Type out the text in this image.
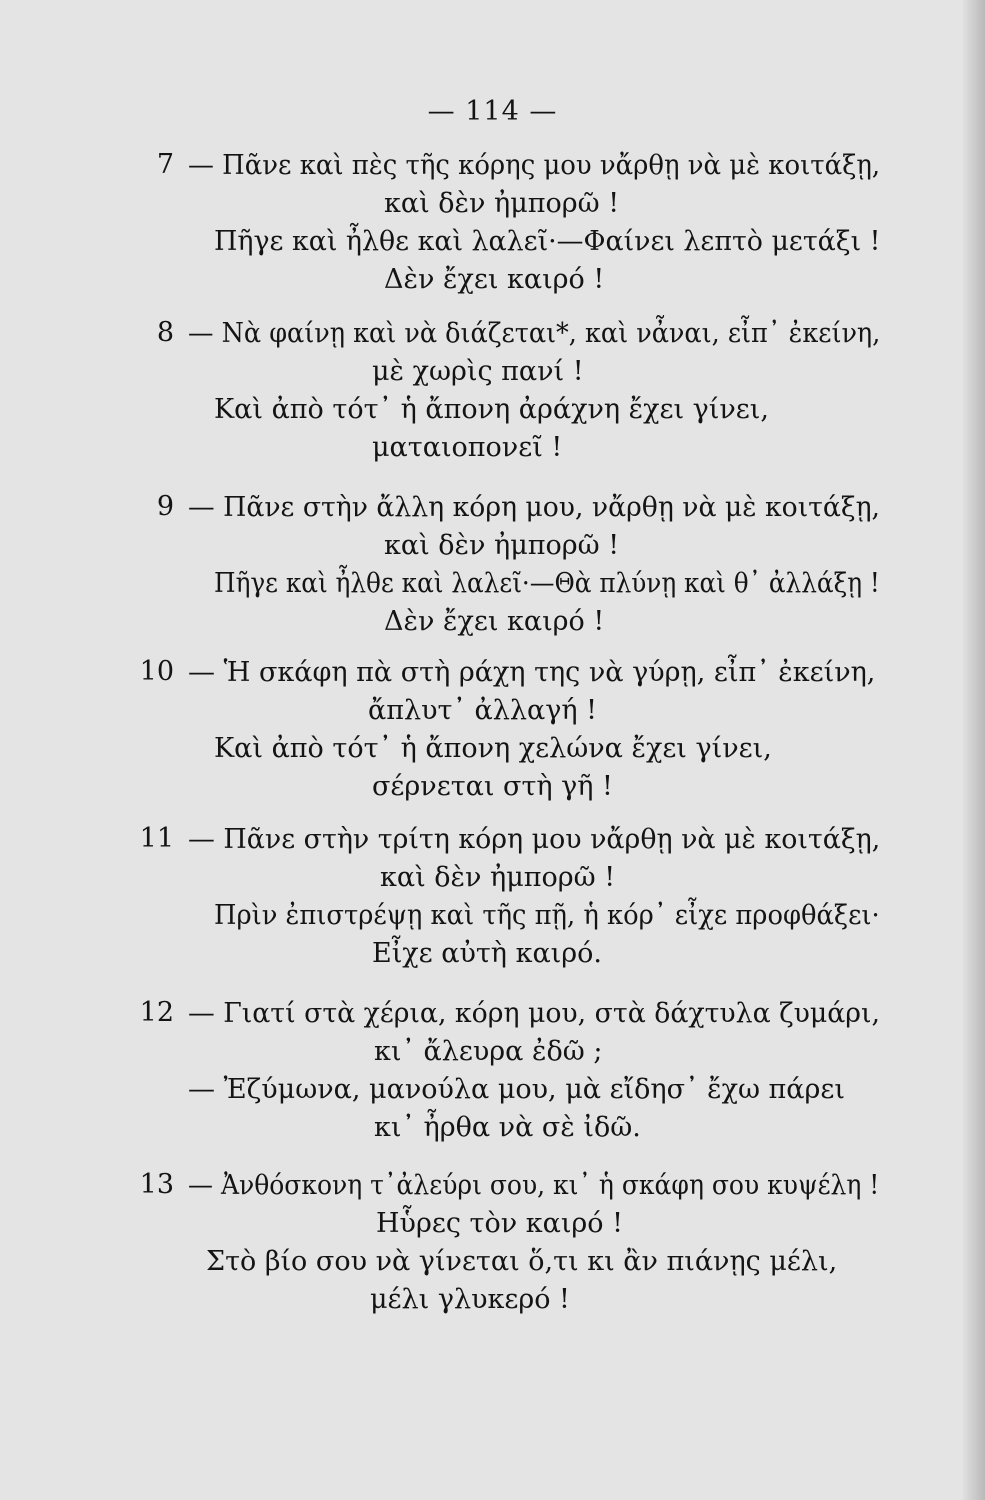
— 114 —
7 — Πᾶνε καὶ πὲς τῆς κόρης μου νἄρθῃ νὰ μὲ κοιτάξῃ,
καὶ δὲν ἠμπορῶ !
Πῆγε καὶ ἦλθε καὶ λαλεῖ·—Φαίνει λεπτὸ μετάξι !
Δὲν ἔχει καιρό !
8 — Νὰ φαίνῃ καὶ νὰ διάζεται*, καὶ νἆναι, εἶπ᾽ ἐκείνη,
μὲ χωρὶς πανί !
Καὶ ἀπὸ τότ᾽ ἡ ἄπονη ἀράχνη ἔχει γίνει,
ματαιοπονεῖ !
9 — Πᾶνε στὴν ἄλλη κόρη μου, νἄρθῃ νὰ μὲ κοιτάξῃ,
καὶ δὲν ἠμπορῶ !
Πῆγε καὶ ἦλθε καὶ λαλεῖ·—Θὰ πλύνῃ καὶ θ᾽ ἀλλάξῃ !
Δὲν ἔχει καιρό !
10 — Ἡ σκάφη πὰ στὴ ράχη της νὰ γύρῃ, εἶπ᾽ ἐκείνη,
ἄπλυτ᾽ ἀλλαγή !
Καὶ ἀπὸ τότ᾽ ἡ ἄπονη χελώνα ἔχει γίνει,
σέρνεται στὴ γῆ !
11 — Πᾶνε στὴν τρίτη κόρη μου νἄρθῃ νὰ μὲ κοιτάξῃ,
καὶ δὲν ἠμπορῶ !
Πρὶν ἐπιστρέψῃ καὶ τῆς πῇ, ἡ κόρ᾽ εἶχε προφθάξει·
Εἶχε αὐτὴ καιρό.
12 — Γιατί στὰ χέρια, κόρη μου, στὰ δάχτυλα ζυμάρι,
κι᾽ ἄλευρα ἐδῶ ;
— Ἐζύμωνα, μανούλα μου, μὰ εἴδησ᾽ ἔχω πάρει
κι᾽ ἦρθα νὰ σὲ ἰδῶ.
13 — Ἀνθόσκονη τ᾽ἀλεύρι σου, κι᾽ ἡ σκάφη σου κυψέλη !
Ηὗρες τὸν καιρό !
Στὸ βίο σου νὰ γίνεται ὅ,τι κι ἂν πιάνῃς μέλι,
μέλι γλυκερό !
